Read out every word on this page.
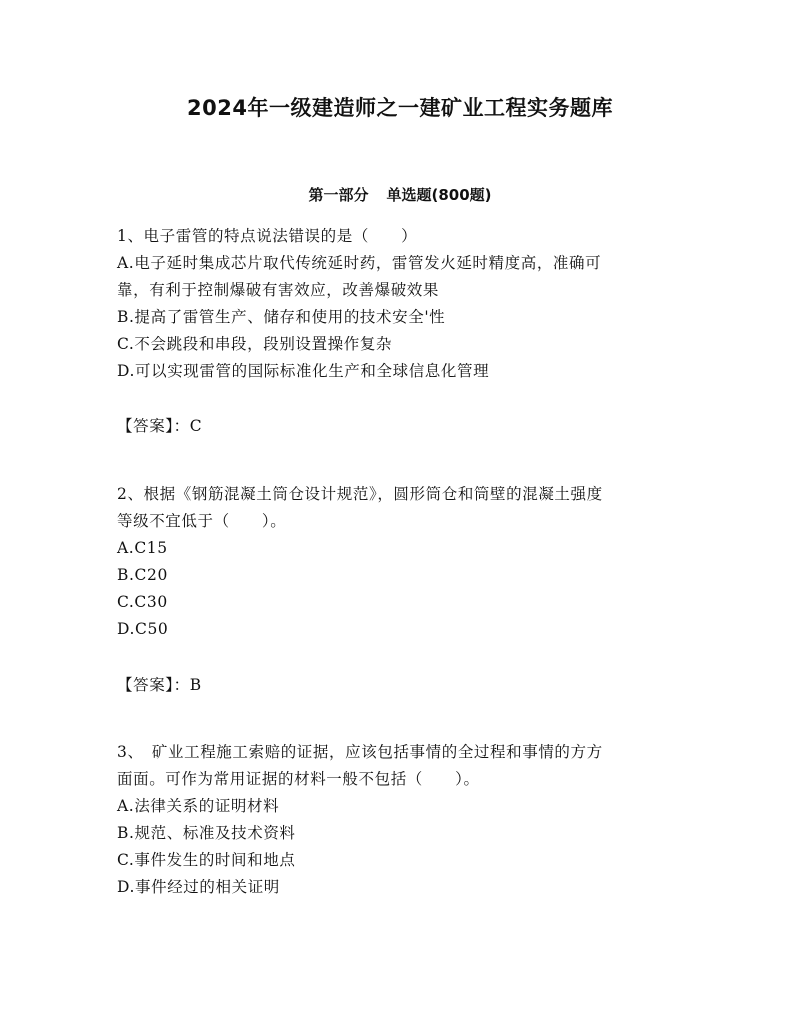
2024年一级建造师之一建矿业工程实务题库
第一部分 单选题(800题)
1、电子雷管的特点说法错误的是（　　）
A.电子延时集成芯片取代传统延时药，雷管发火延时精度高，准确可
靠，有利于控制爆破有害效应，改善爆破效果
B.提高了雷管生产、储存和使用的技术安全'性
C.不会跳段和串段，段别设置操作复杂
D.可以实现雷管的国际标准化生产和全球信息化管理
【答案】：C
2、根据《钢筋混凝土筒仓设计规范》，圆形筒仓和筒壁的混凝土强度
等级不宜低于（　　）。
A.C15
B.C20
C.C30
D.C50
【答案】：B
3、　矿业工程施工索赔的证据，应该包括事情的全过程和事情的方方
面面。可作为常用证据的材料一般不包括（　　）。
A.法律关系的证明材料
B.规范、标准及技术资料
C.事件发生的时间和地点
D.事件经过的相关证明
